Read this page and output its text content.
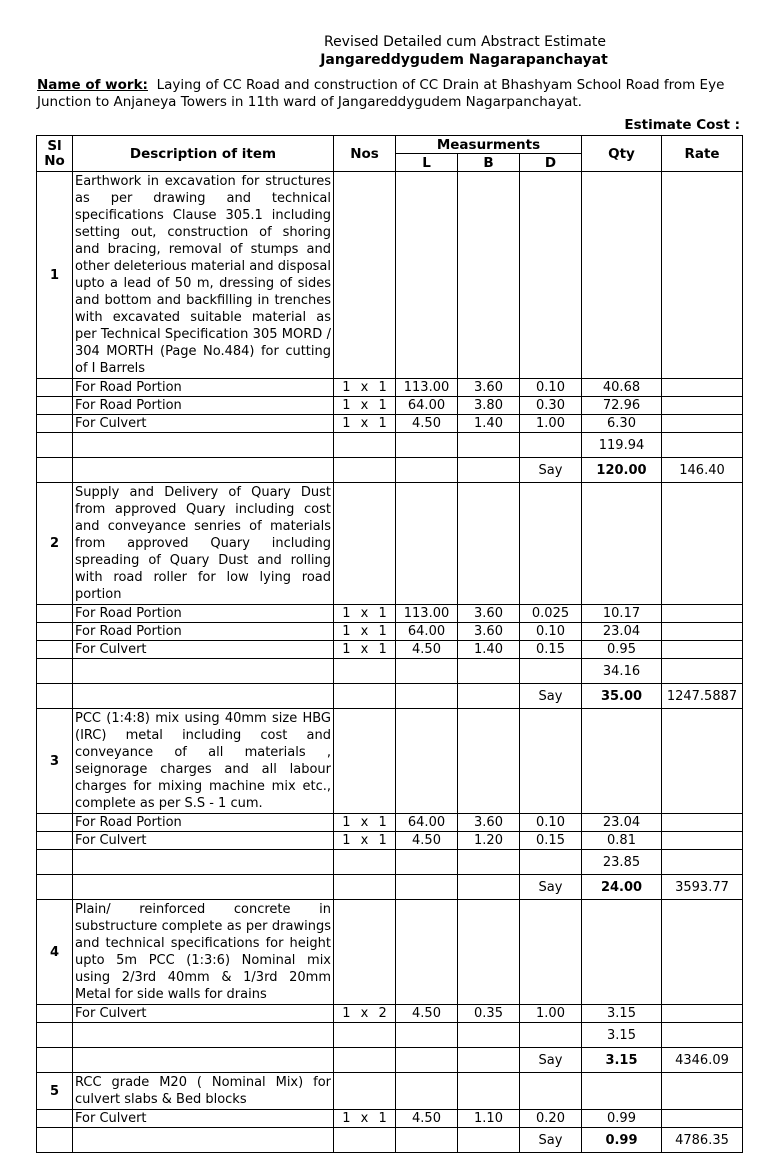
Revised Detailed cum Abstract Estimate
Jangareddygudem Nagarapanchayat
Name of work: Laying of CC Road and construction of CC Drain at Bhashyam School Road from Eye Junction to Anjaneya Towers in 11th ward of Jangareddygudem Nagarpanchayat.
Estimate Cost :
Sl No	Description of item	Nos	Measurments			Qty	Rate
			L	B	D		
1	Earthwork in excavation for structures as per drawing and technical specifications Clause 305.1 including setting out, construction of shoring and bracing, removal of stumps and other deleterious material and disposal upto a lead of 50 m, dressing of sides and bottom and backfilling in trenches with excavated suitable material as per Technical Specification 305 MORD / 304 MORTH (Page No.484) for cutting of I Barrels						
	For Road Portion	1 x 1	113.00	3.60	0.10	40.68	
	For Road Portion	1 x 1	64.00	3.80	0.30	72.96	
	For Culvert	1 x 1	4.50	1.40	1.00	6.30	
						119.94	
					Say	120.00	146.40
2	Supply and Delivery of Quary Dust from approved Quary including cost and conveyance senries of materials from approved Quary including spreading of Quary Dust and rolling with road roller for low lying road portion						
	For Road Portion	1 x 1	113.00	3.60	0.025	10.17	
	For Road Portion	1 x 1	64.00	3.60	0.10	23.04	
	For Culvert	1 x 1	4.50	1.40	0.15	0.95	
						34.16	
					Say	35.00	1247.5887
3	PCC (1:4:8) mix using 40mm size HBG (IRC) metal including cost and conveyance of all materials , seignorage charges and all labour charges for mixing machine mix etc., complete as per S.S - 1 cum.						
	For Road Portion	1 x 1	64.00	3.60	0.10	23.04	
	For Culvert	1 x 1	4.50	1.20	0.15	0.81	
						23.85	
					Say	24.00	3593.77
4	Plain/ reinforced concrete in substructure complete as per drawings and technical specifications for height upto 5m PCC (1:3:6) Nominal mix using 2/3rd 40mm & 1/3rd 20mm Metal for side walls for drains						
	For Culvert	1 x 2	4.50	0.35	1.00	3.15	
						3.15	
					Say	3.15	4346.09
5	RCC grade M20 ( Nominal Mix) for culvert slabs & Bed blocks						
	For Culvert	1 x 1	4.50	1.10	0.20	0.99	
					Say	0.99	4786.35
